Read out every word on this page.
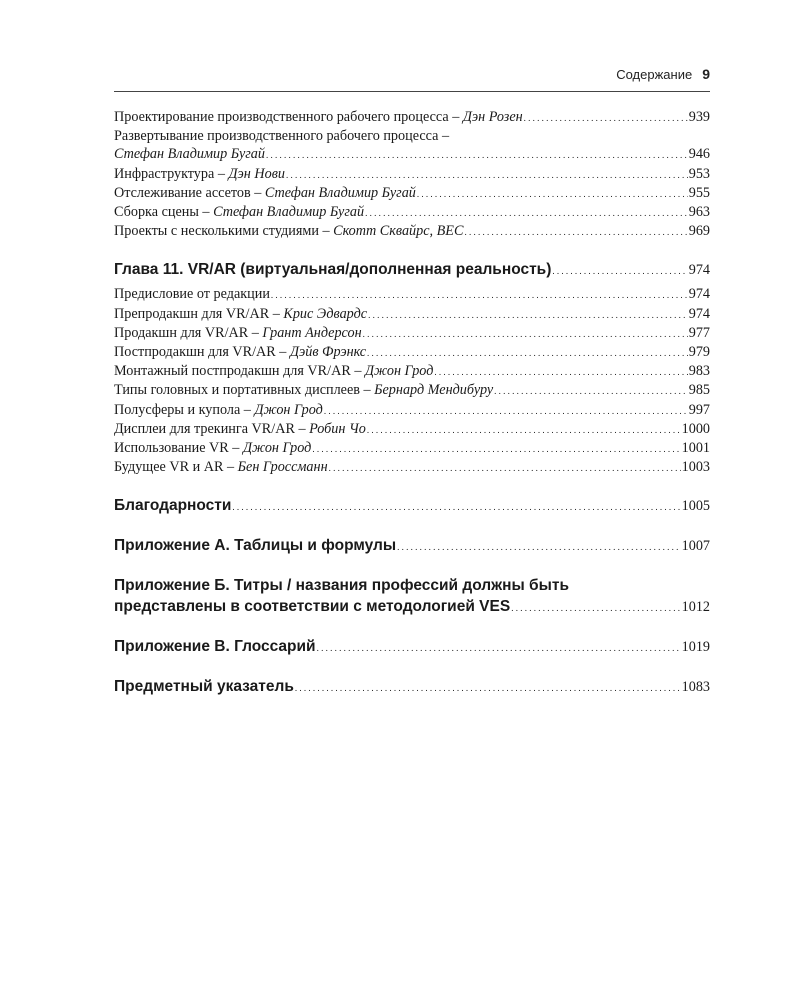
Содержание 9
Проектирование производственного рабочего процесса – Дэн Розен . . .	939
Развертывание производственного рабочего процесса –
Стефан Владимир Бугай . . .	946
Инфраструктура – Дэн Нови . . .	953
Отслеживание ассетов – Стефан Владимир Бугай . . .	955
Сборка сцены – Стефан Владимир Бугай . . .	963
Проекты с несколькими студиями – Скотт Сквайрс, ВЕС . . .	969
Глава 11. VR/AR (виртуальная/дополненная реальность) . . .	974
Предисловие от редакции . . .	974
Препродакшн для VR/AR – Крис Эдвардс . . .	974
Продакшн для VR/AR – Грант Андерсон . . .	977
Постпродакшн для VR/AR – Дэйв Фрэнкс . . .	979
Монтажный постпродакшн для VR/AR – Джон Грод . . .	983
Типы головных и портативных дисплеев – Бернард Мендибуру . . .	985
Полусферы и купола – Джон Грод . . .	997
Дисплеи для трекинга VR/AR – Робин Чо . . .	1000
Использование VR – Джон Грод . . .	1001
Будущее VR и AR – Бен Гроссманн . . .	1003
Благодарности . . .	1005
Приложение А. Таблицы и формулы . . .	1007
Приложение Б. Титры / названия профессий должны быть
представлены в соответствии с методологией VES . . .	1012
Приложение В. Глоссарий . . .	1019
Предметный указатель . . .	1083
